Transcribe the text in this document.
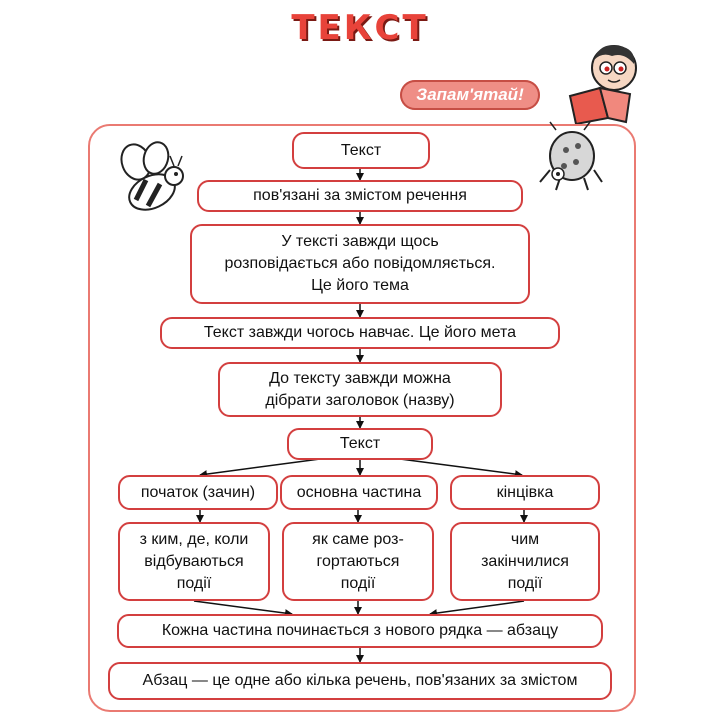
ТЕКСТ
Запам'ятай!
Текст
пов'язані за змістом речення
У тексті завжди щось
розповідається або повідомляється.
Це його тема
Текст завжди чогось навчає. Це його мета
До тексту завжди можна
дібрати заголовок (назву)
Текст
початок (зачин)	основна частина	кінцівка
з ким, де, коли
відбуваються
події
як саме роз-
гортаються
події
чим
закінчилися
події
Кожна частина починається з нового рядка — абзацу
Абзац — це одне або кілька речень, пов'язаних за змістом
